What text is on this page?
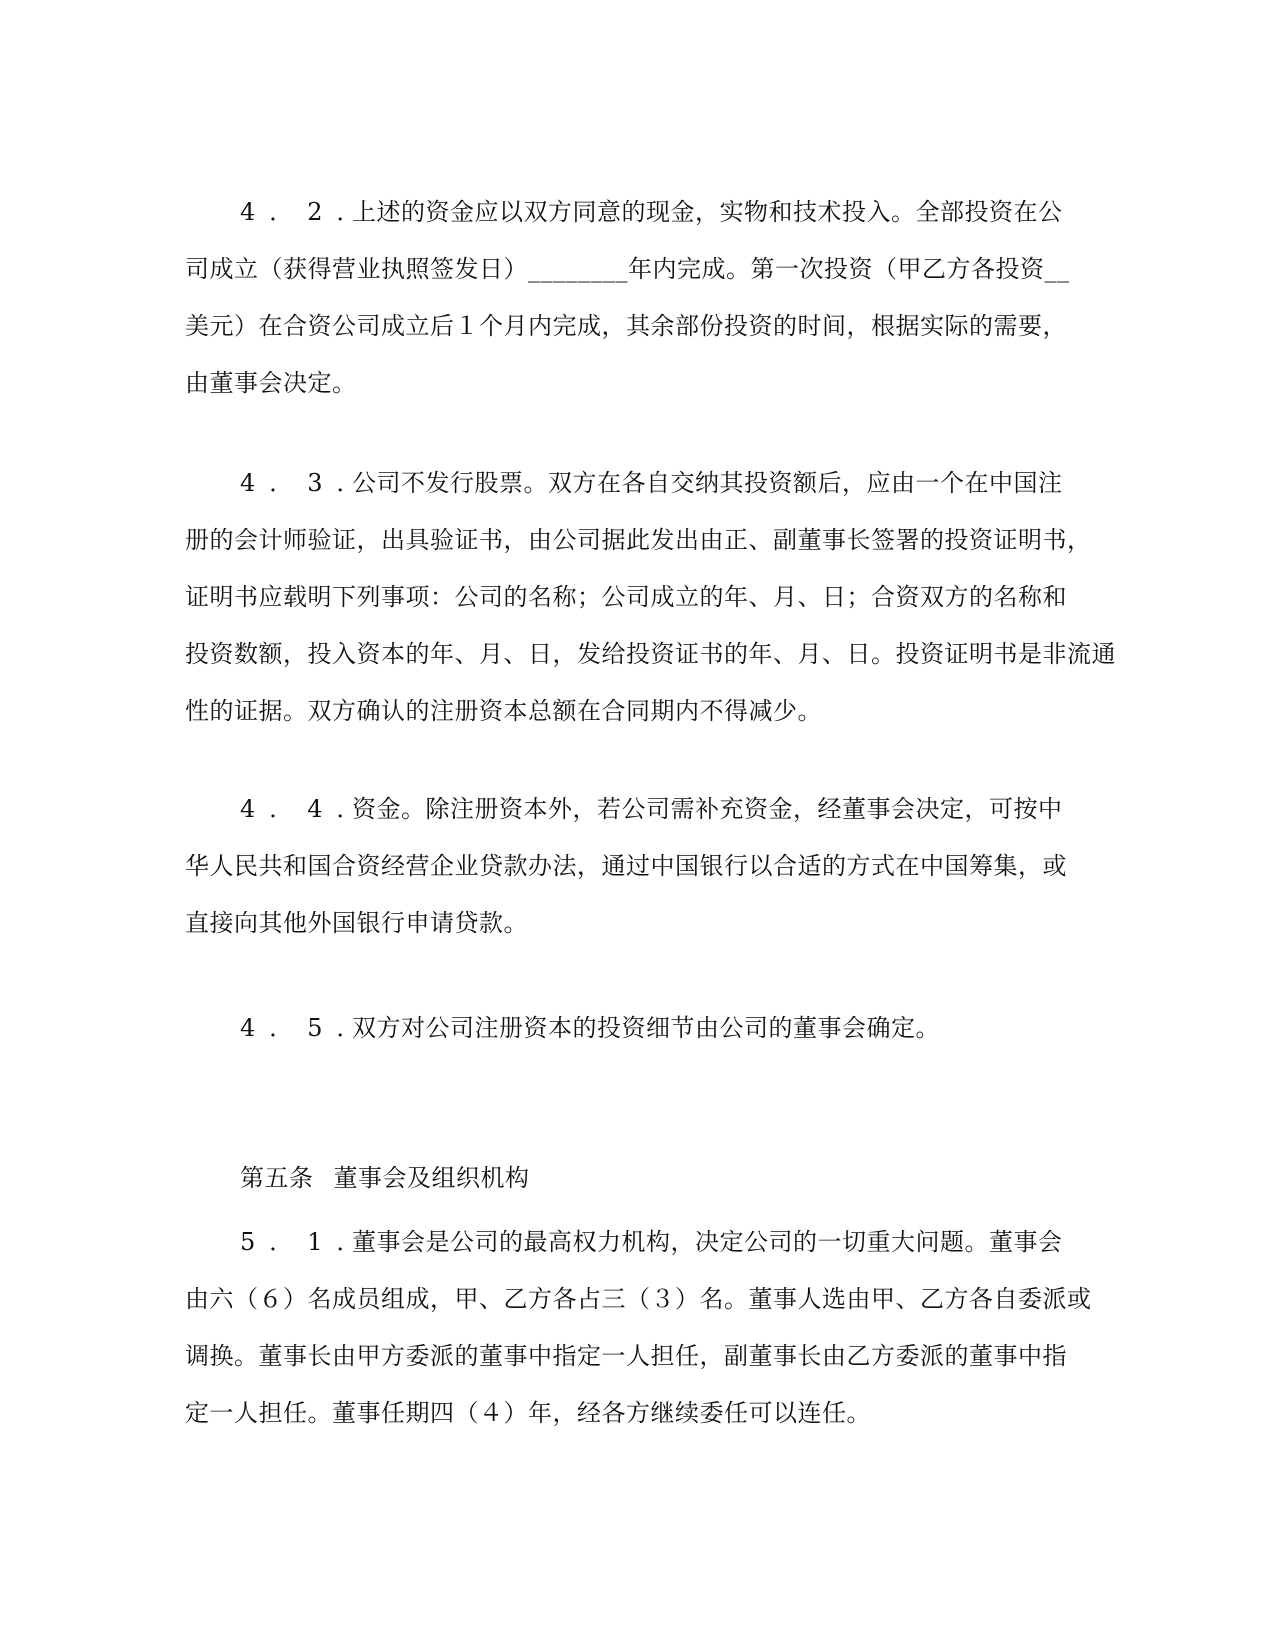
4．2．上述的资金应以双方同意的现金，实物和技术投入。全部投资在公
司成立（获得营业执照签发日）________年内完成。第一次投资（甲乙方各投资__
美元）在合资公司成立后１个月内完成，其余部份投资的时间，根据实际的需要，
由董事会决定。
4．3．公司不发行股票。双方在各自交纳其投资额后，应由一个在中国注
册的会计师验证，出具验证书，由公司据此发出由正、副董事长签署的投资证明书，
证明书应载明下列事项：公司的名称；公司成立的年、月、日；合资双方的名称和
投资数额，投入资本的年、月、日，发给投资证书的年、月、日。投资证明书是非流通
性的证据。双方确认的注册资本总额在合同期内不得减少。
4．4．资金。除注册资本外，若公司需补充资金，经董事会决定，可按中
华人民共和国合资经营企业贷款办法，通过中国银行以合适的方式在中国筹集，或
直接向其他外国银行申请贷款。
4．5．双方对公司注册资本的投资细节由公司的董事会确定。
第五条 董事会及组织机构
5．1．董事会是公司的最高权力机构，决定公司的一切重大问题。董事会
由六（６）名成员组成，甲、乙方各占三（３）名。董事人选由甲、乙方各自委派或
调换。董事长由甲方委派的董事中指定一人担任，副董事长由乙方委派的董事中指
定一人担任。董事任期四（４）年，经各方继续委任可以连任。
